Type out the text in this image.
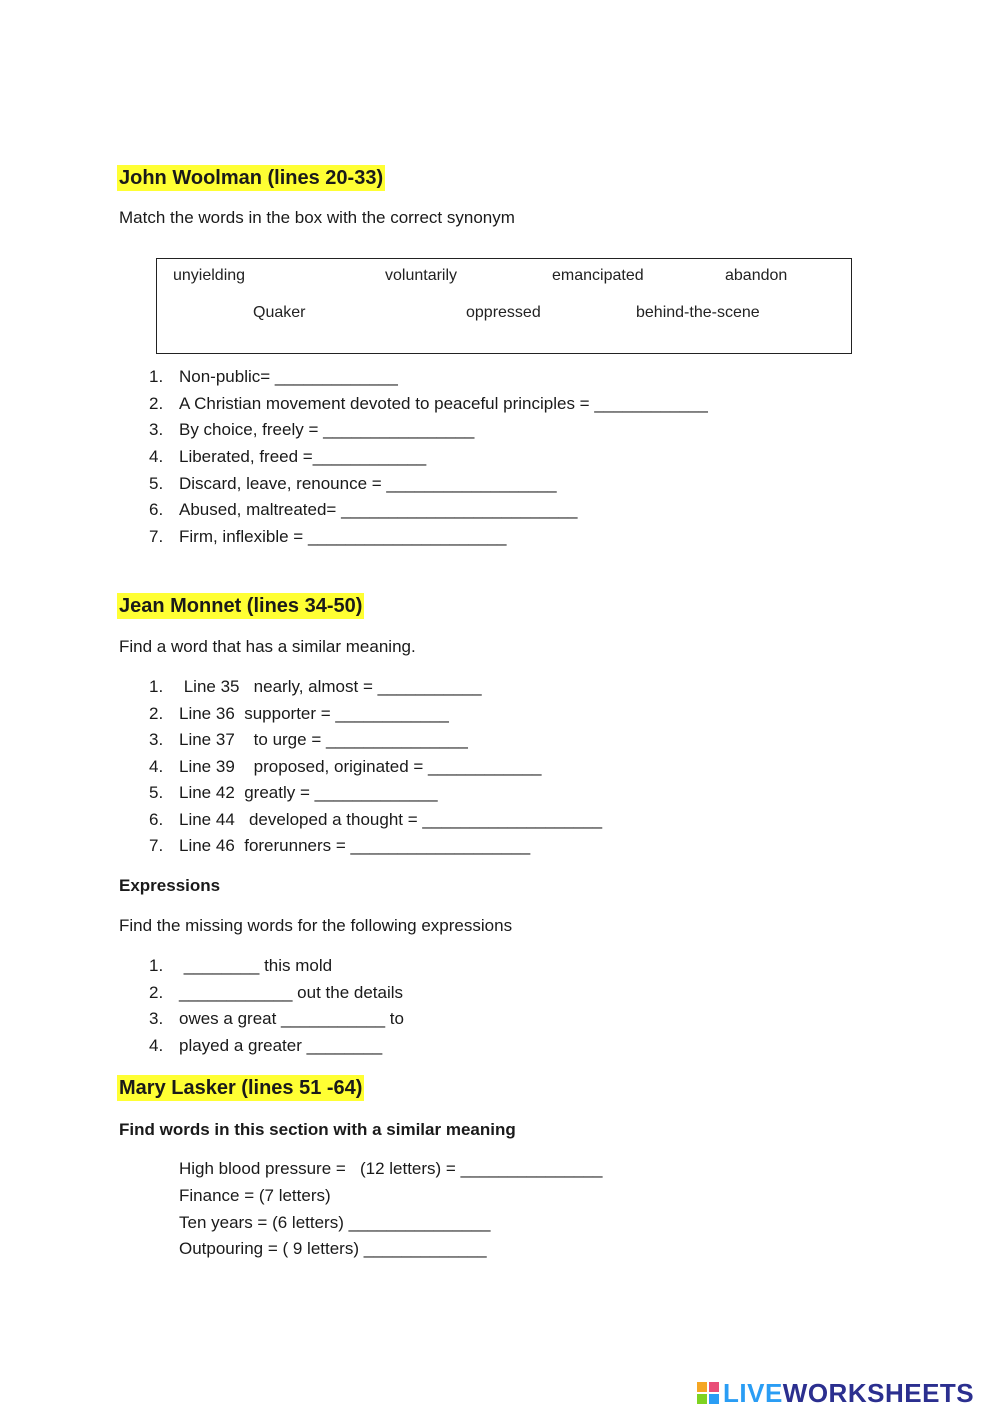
John Woolman (lines 20-33)
Match the words in the box with the correct synonym
unyielding	voluntarily	emancipated	abandon
Quaker	oppressed	behind-the-scene
1. Non-public= _____________
2. A Christian movement devoted to peaceful principles = ____________
3. By choice, freely = ________________
4. Liberated, freed =____________
5. Discard, leave, renounce = __________________
6. Abused, maltreated= _________________________
7. Firm, inflexible = _____________________
Jean Monnet (lines 34-50)
Find a word that has a similar meaning.
1. Line 35   nearly, almost = ___________
2. Line 36  supporter = ____________
3. Line 37    to urge = _______________
4. Line 39    proposed, originated = ____________
5. Line 42  greatly = _____________
6. Line 44   developed a thought = ___________________
7. Line 46  forerunners = ___________________
Expressions
Find the missing words for the following expressions
1. ________ this mold
2. ____________ out the details
3. owes a great ___________ to
4. played a greater ________
Mary Lasker (lines 51 -64)
Find words in this section with a similar meaning
High blood pressure =   (12 letters) = _______________
Finance = (7 letters)
Ten years = (6 letters) _______________
Outpouring = ( 9 letters) _____________
LIVEWORKSHEETS
